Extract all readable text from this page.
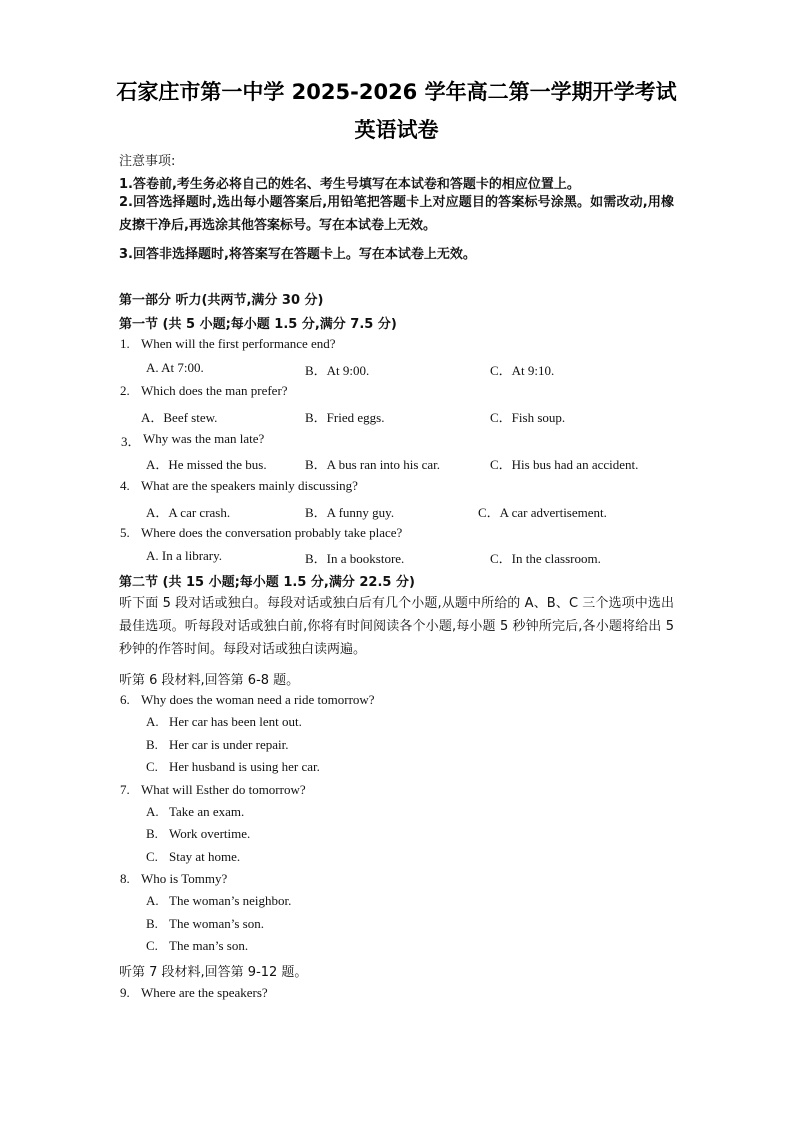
石家庄市第一中学 2025-2026 学年高二第一学期开学考试
英语试卷
注意事项:
1.答卷前,考生务必将自己的姓名、考生号填写在本试卷和答题卡的相应位置上。
2.回答选择题时,选出每小题答案后,用铅笔把答题卡上对应题目的答案标号涂黑。如需改动,用橡皮擦干净后,再选涂其他答案标号。写在本试卷上无效。
3.回答非选择题时,将答案写在答题卡上。写在本试卷上无效。
第一部分 听力(共两节,满分 30 分)
第一节 (共 5 小题;每小题 1.5 分,满分 7.5 分)
1. When will the first performance end?
A. At 7:00.	B．At 9:00.	C．At 9:10.
2. Which does the man prefer?
A．Beef stew.	B．Fried eggs.	C．Fish soup.
3． Why was the man late?
A．He missed the bus.	B．A bus ran into his car.	C．His bus had an accident.
4. What are the speakers mainly discussing?
A．A car crash.	B．A funny guy.	C．A car advertisement.
5. Where does the conversation probably take place?
A. In a library.	B．In a bookstore.	C．In the classroom.
第二节 (共 15 小题;每小题 1.5 分,满分 22.5 分)
听下面 5 段对话或独白。每段对话或独白后有几个小题,从题中所给的 A、B、C 三个选项中选出最佳选项。听每段对话或独白前,你将有时间阅读各个小题,每小题 5 秒钟所完后,各小题将给出 5 秒钟的作答时间。每段对话或独白读两遍。
听第 6 段材料,回答第 6-8 题。
6. Why does the woman need a ride tomorrow?
A. Her car has been lent out.
B. Her car is under repair.
C. Her husband is using her car.
7. What will Esther do tomorrow?
A. Take an exam.
B. Work overtime.
C. Stay at home.
8. Who is Tommy?
A. The woman’s neighbor.
B. The woman’s son.
C. The man’s son.
听第 7 段材料,回答第 9-12 题。
9. Where are the speakers?
